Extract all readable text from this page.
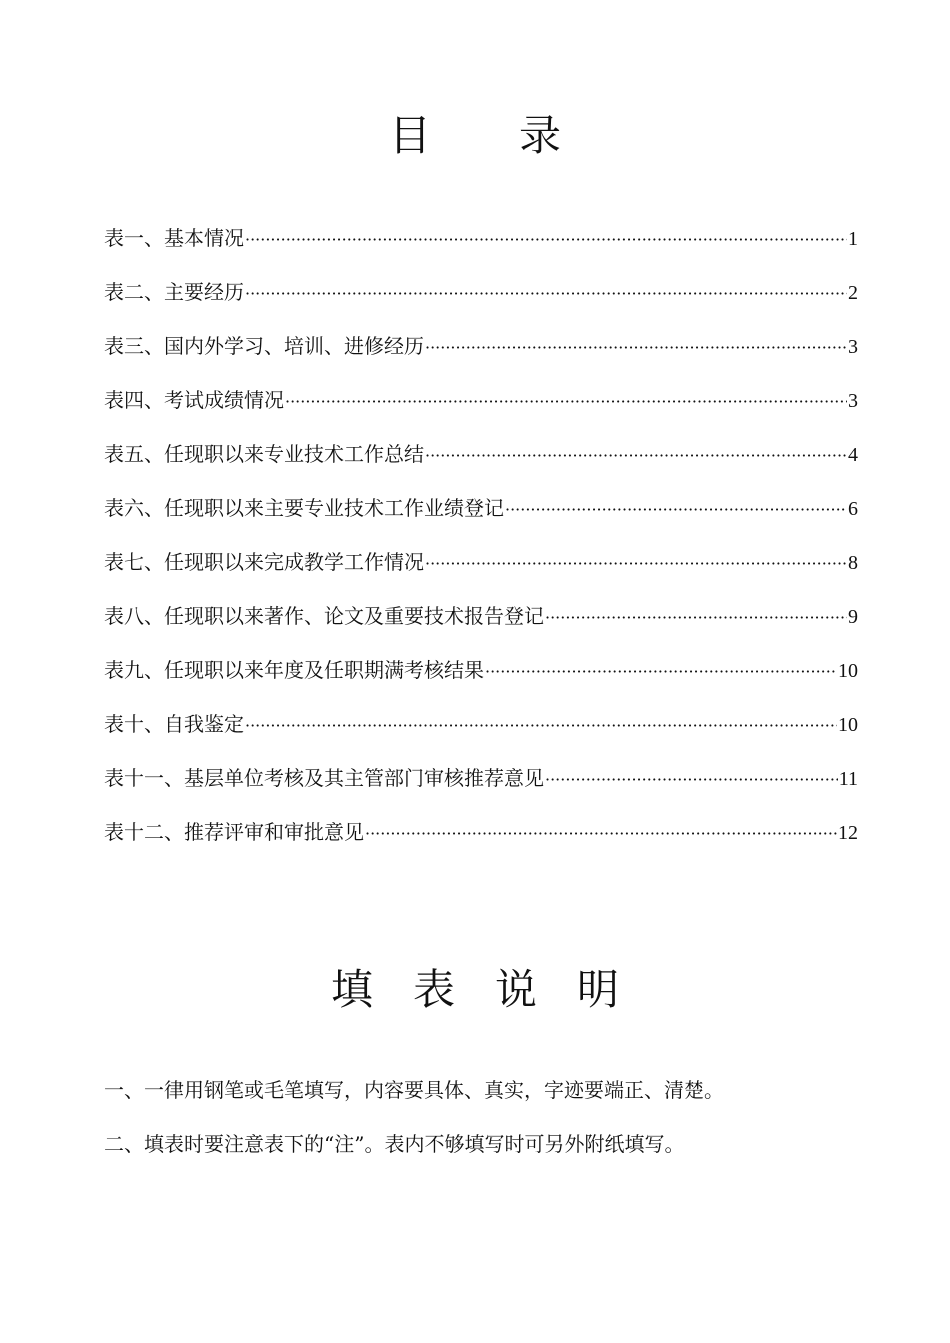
目 录
表一、基本情况 ·····	1
表二、主要经历 ·····	2
表三、国内外学习、培训、进修经历 ·····	3
表四、考试成绩情况 ·····	3
表五、任现职以来专业技术工作总结 ·····	4
表六、任现职以来主要专业技术工作业绩登记 ·····	6
表七、任现职以来完成教学工作情况 ·····	8
表八、任现职以来著作、论文及重要技术报告登记 ·····	9
表九、任现职以来年度及任职期满考核结果 ·····	10
表十、自我鉴定 ·····	10
表十一、基层单位考核及其主管部门审核推荐意见 ·····	11
表十二、推荐评审和审批意见 ·····	12
填 表 说 明
一、一律用钢笔或毛笔填写，内容要具体、真实，字迹要端正、清楚。
二、填表时要注意表下的“注”。表内不够填写时可另外附纸填写。
